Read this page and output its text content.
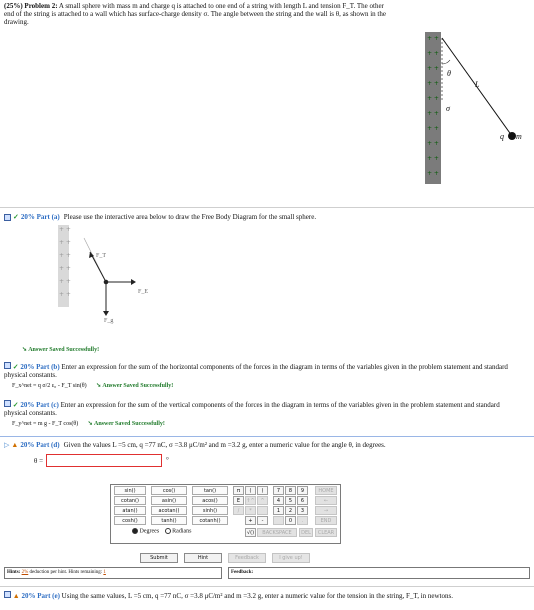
(25%) Problem 2: A small sphere with mass m and charge q is attached to one end of a string with length L and tension F_T. The other end of the string is attached to a wall which has surface-charge density σ. The angle between the string and the wall is θ, as shown in the drawing.
+ +
+ +
+ +
+ +
+ +
+ +
+ +
+ +
+ +
+ +
θ
L
σ
q m
✓ 20% Part (a) Please use the interactive area below to draw the Free Body Diagram for the small sphere.
+ +
+ +
+ +
+ +
+ +
+ +
F_T
F_E
F_g
➘ Answer Saved Successfully!
✓ 20% Part (b) Enter an expression for the sum of the horizontal components of the forces in the diagram in terms of the variables given in the problem statement and standard physical constants.
F_x^net = q σ/2 ε₀ - F_T sin(θ) ➘ Answer Saved Successfully!
✓ 20% Part (c) Enter an expression for the sum of the vertical components of the forces in the diagram in terms of the variables given in the problem statement and standard physical constants.
F_y^net = m g - F_T cos(θ) ➘ Answer Saved Successfully!
▷ ▲ 20% Part (d) Given the values L =5 cm, q =77 nC, σ =3.8 μC/m² and m =3.2 g, enter a numeric value for the angle θ, in degrees.
θ =	°
sin()	cos()	tan()
cotan()	asin()	acos()
atan()	acotan()	sinh()
cosh()	tanh()	cotanh()
Degrees Radians
π	(	)	7	8	9	HOME
E	↑^	^	4	5	6	←
/	*	1	2	3	→
+	-	0	.	END
√()	BACKSPACE	DEL	CLEAR
Submit	Hint	Feedback	I give up!
Hints: 2% deduction per hint. Hints remaining: 1	Feedback:
▲ 20% Part (e) Using the same values, L =5 cm, q =77 nC, σ =3.8 μC/m² and m =3.2 g, enter a numeric value for the tension in the string, F_T, in newtons.
